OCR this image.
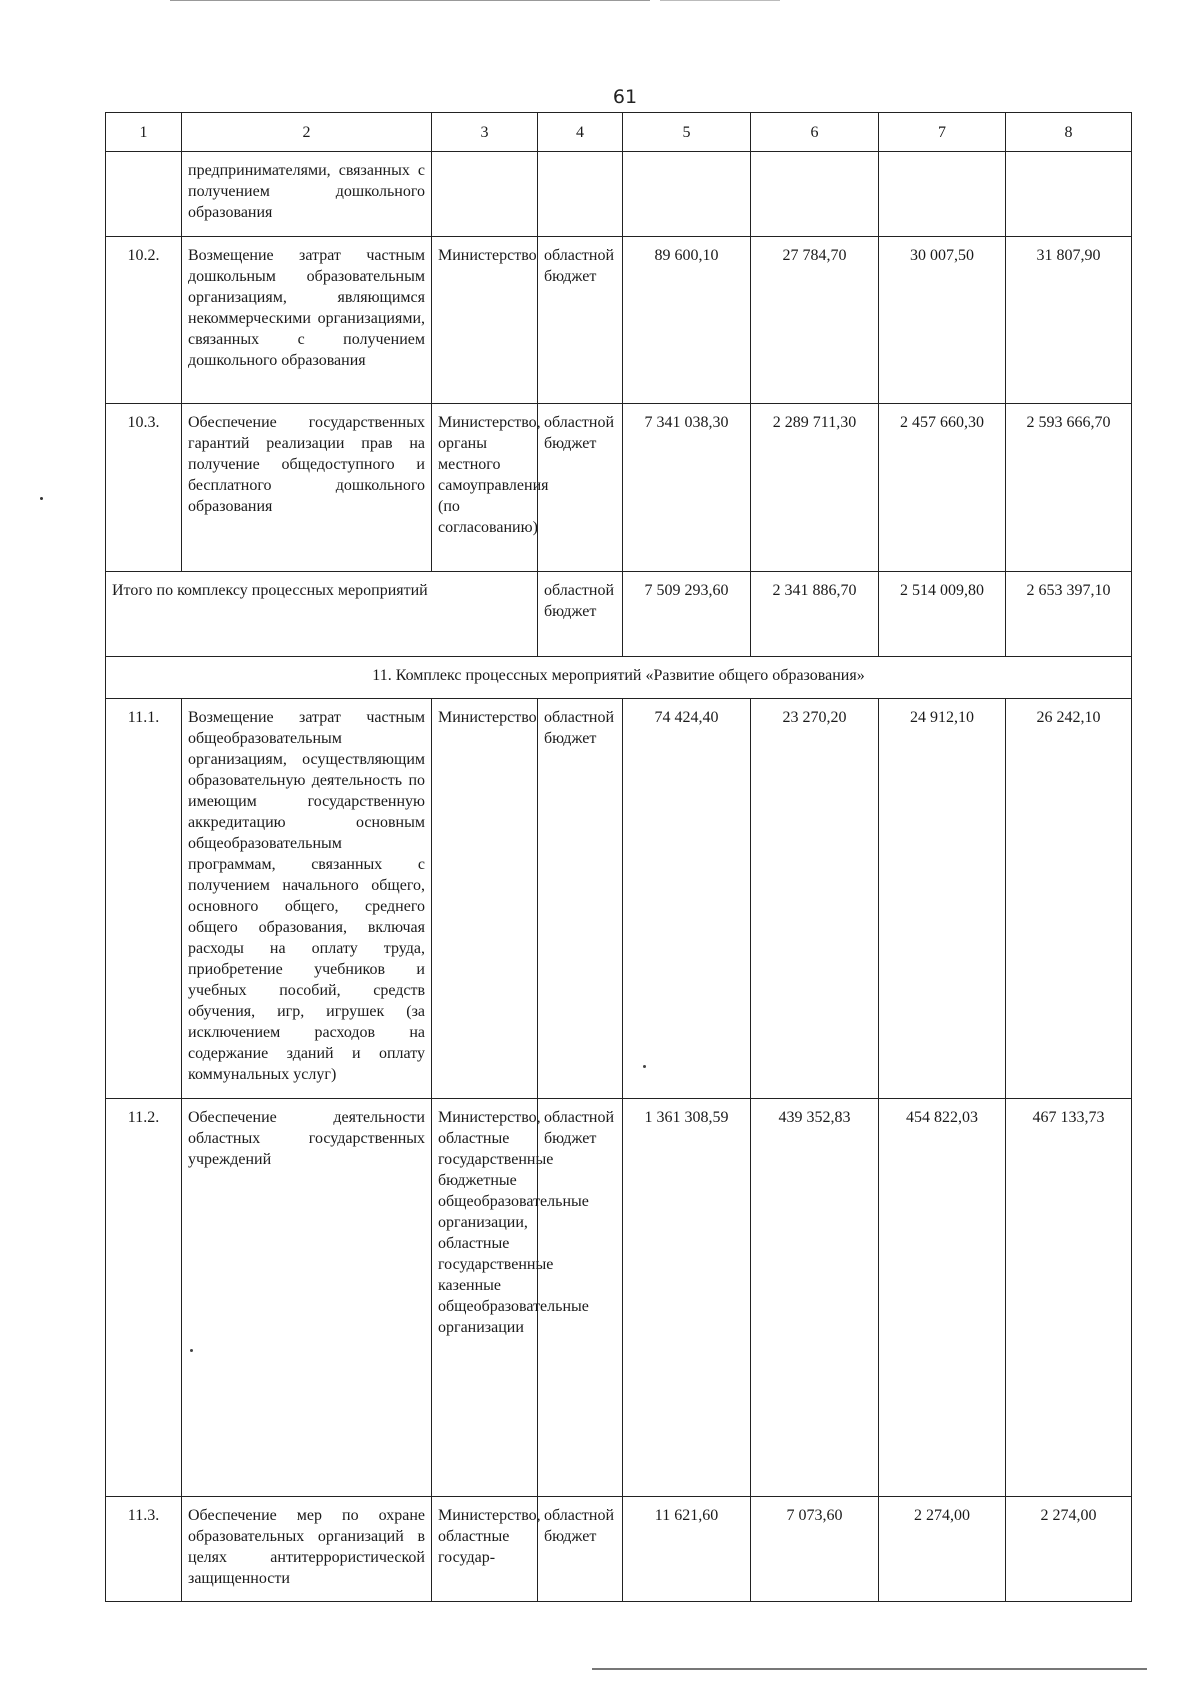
61
1	2	3	4	5	6	7	8
	предпринимателями, связанных с получением дошкольного образования						
10.2.	Возмещение затрат частным дошкольным образовательным организациям, являющимся некоммерческими организациями, связанных с получением дошкольного образования	Министерство	областной бюджет	89 600,10	27 784,70	30 007,50	31 807,90
10.3.	Обеспечение государственных гарантий реализации прав на получение общедоступного и бесплатного дошкольного образования	Министерство, органы местного самоуправления (по согласованию)	областной бюджет	7 341 038,30	2 289 711,30	2 457 660,30	2 593 666,70
Итого по комплексу процессных мероприятий			областной бюджет	7 509 293,60	2 341 886,70	2 514 009,80	2 653 397,10
11. Комплекс процессных мероприятий «Развитие общего образования»							
11.1.	Возмещение затрат частным общеобразовательным организациям, осуществляющим образовательную деятельность по имеющим государственную аккредитацию основным общеобразовательным программам, связанных с получением начального общего, основного общего, среднего общего образования, включая расходы на оплату труда, приобретение учебников и учебных пособий, средств обучения, игр, игрушек (за исключением расходов на содержание зданий и оплату коммунальных услуг)	Министерство	областной бюджет	74 424,40	23 270,20	24 912,10	26 242,10
11.2.	Обеспечение деятельности областных государственных учреждений	Министерство, областные государственные бюджетные общеобразовательные организации, областные государственные казенные общеобразовательные организации	областной бюджет	1 361 308,59	439 352,83	454 822,03	467 133,73
11.3.	Обеспечение мер по охране образовательных организаций в целях антитеррористической защищенности	Министерство, областные государ-	областной бюджет	11 621,60	7 073,60	2 274,00	2 274,00
